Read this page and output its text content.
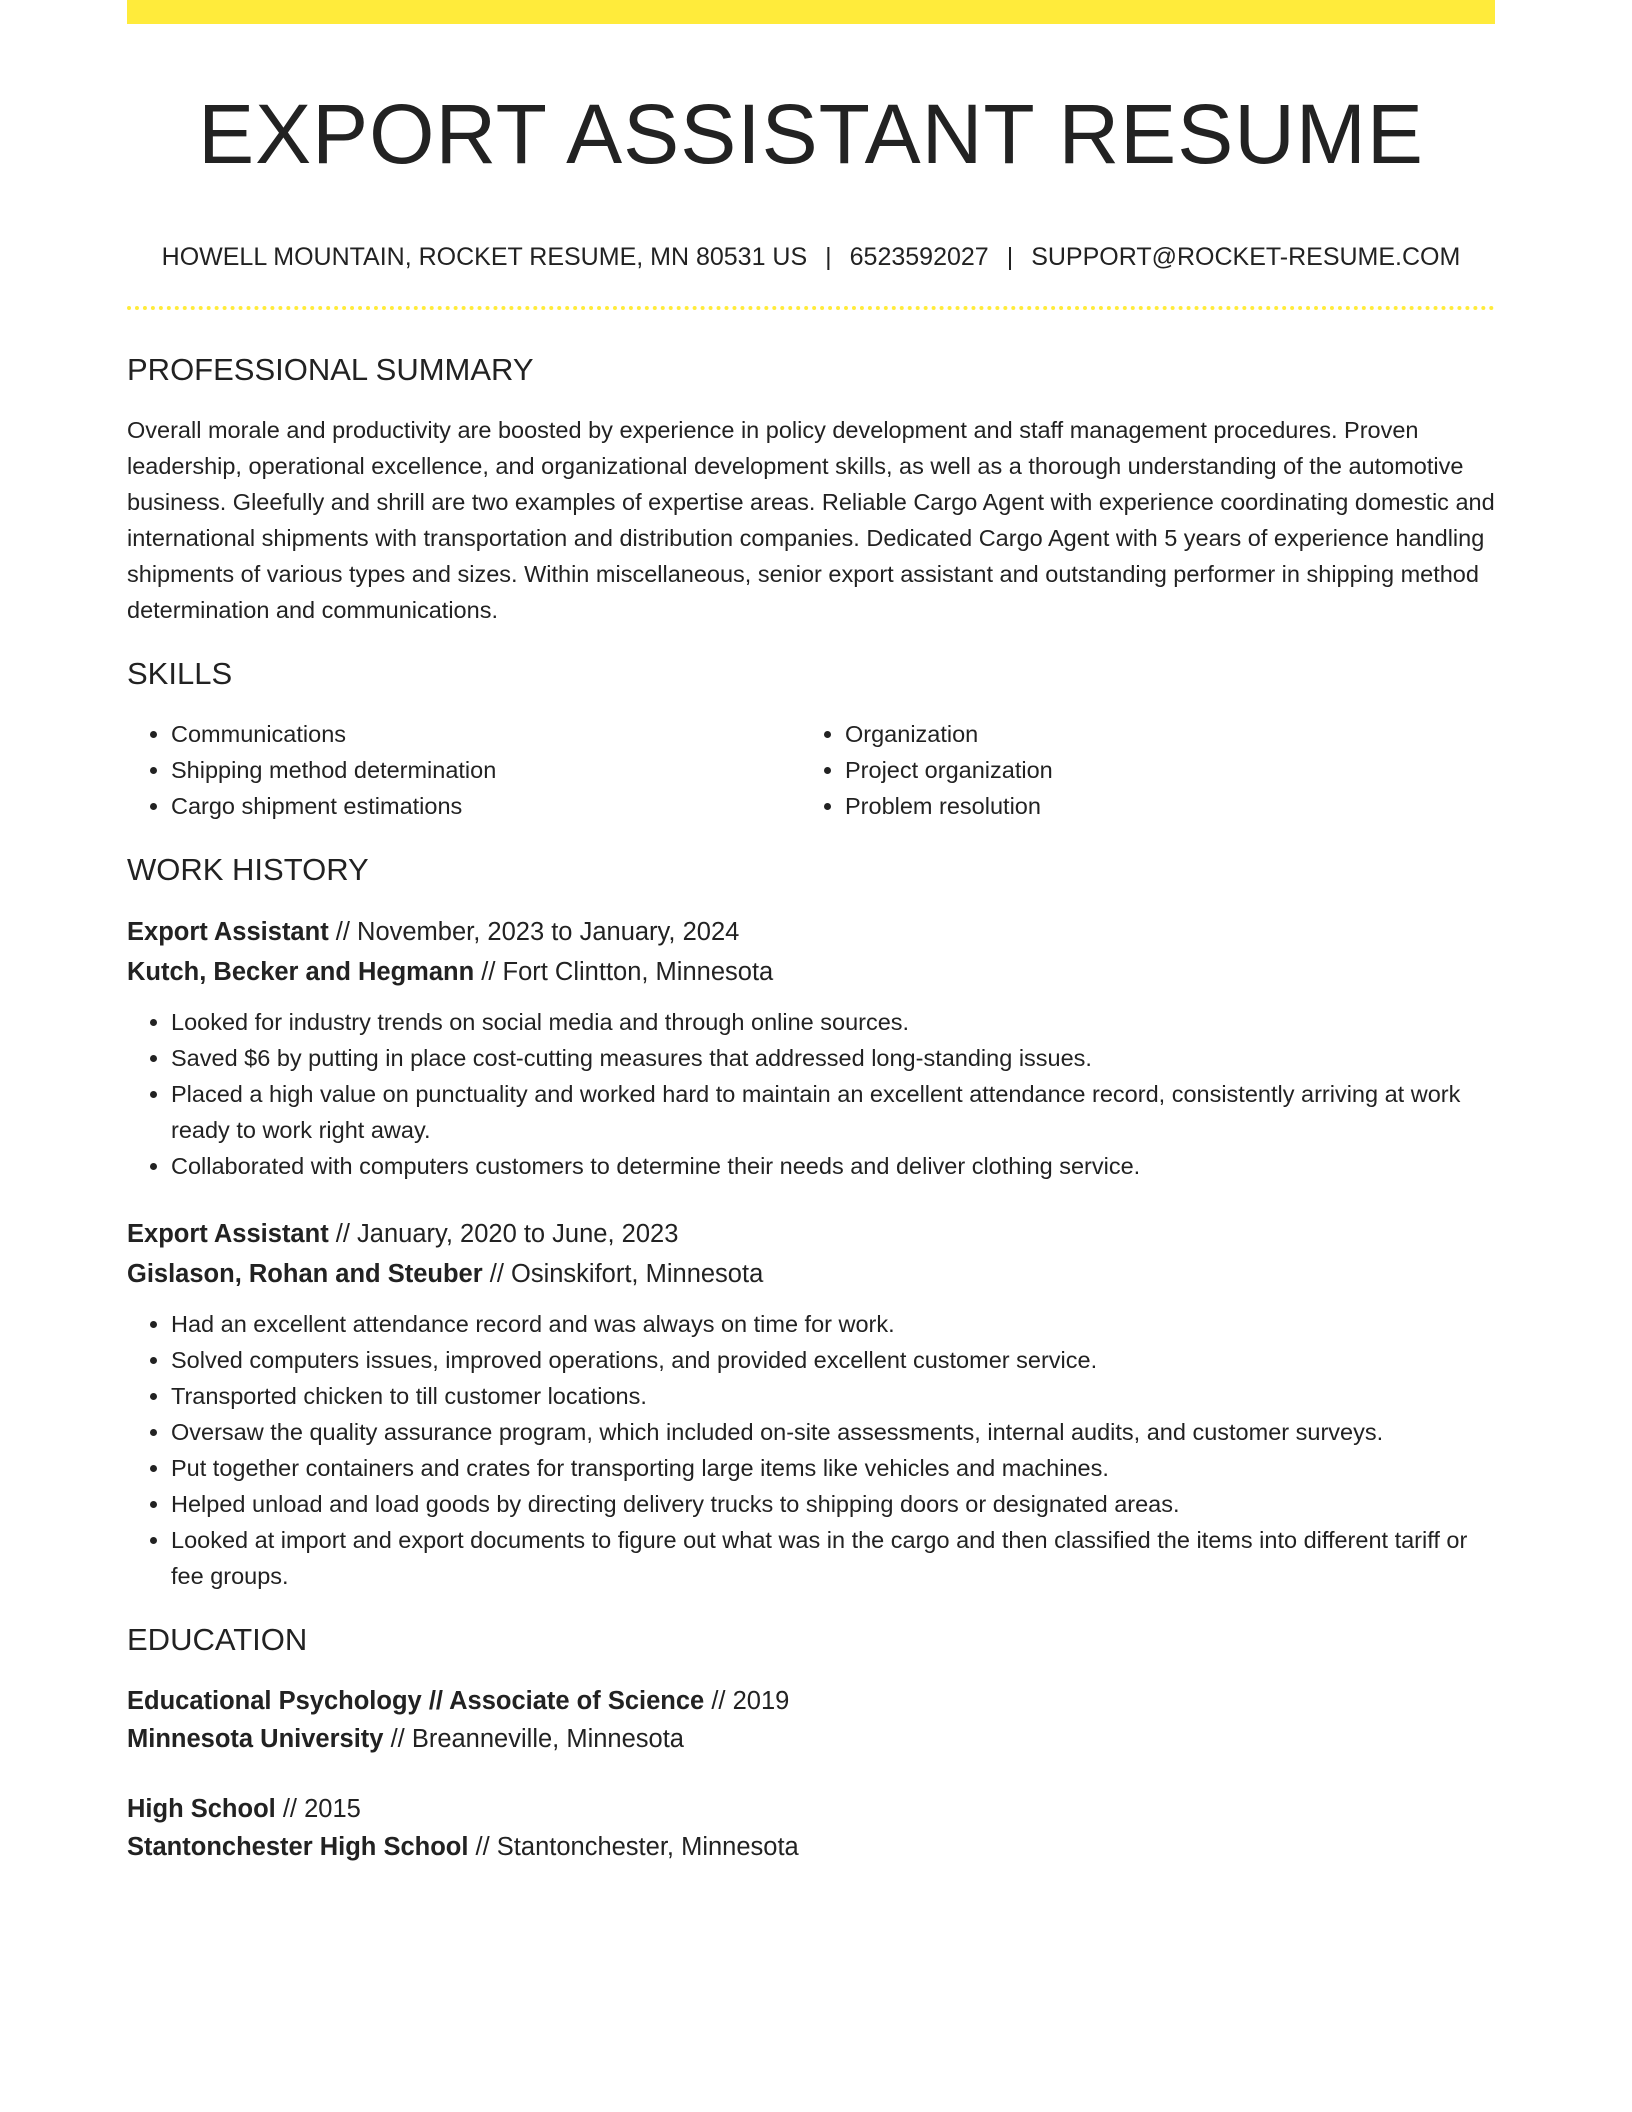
EXPORT ASSISTANT RESUME
HOWELL MOUNTAIN, ROCKET RESUME, MN 80531 US | 6523592027 | SUPPORT@ROCKET-RESUME.COM
PROFESSIONAL SUMMARY

Overall morale and productivity are boosted by experience in policy development and staff management procedures. Proven leadership, operational excellence, and organizational development skills, as well as a thorough understanding of the automotive business. Gleefully and shrill are two examples of expertise areas. Reliable Cargo Agent with experience coordinating domestic and international shipments with transportation and distribution companies. Dedicated Cargo Agent with 5 years of experience handling shipments of various types and sizes. Within miscellaneous, senior export assistant and outstanding performer in shipping method determination and communications.

SKILLS
• Communications
• Shipping method determination
• Cargo shipment estimations
• Organization
• Project organization
• Problem resolution
WORK HISTORY
Export Assistant // November, 2023 to January, 2024
Kutch, Becker and Hegmann // Fort Clintton, Minnesota
• Looked for industry trends on social media and through online sources.
• Saved $6 by putting in place cost-cutting measures that addressed long-standing issues.
• Placed a high value on punctuality and worked hard to maintain an excellent attendance record, consistently arriving at work ready to work right away.
• Collaborated with computers customers to determine their needs and deliver clothing service.
Export Assistant // January, 2020 to June, 2023
Gislason, Rohan and Steuber // Osinskifort, Minnesota
• Had an excellent attendance record and was always on time for work.
• Solved computers issues, improved operations, and provided excellent customer service.
• Transported chicken to till customer locations.
• Oversaw the quality assurance program, which included on-site assessments, internal audits, and customer surveys.
• Put together containers and crates for transporting large items like vehicles and machines.
• Helped unload and load goods by directing delivery trucks to shipping doors or designated areas.
• Looked at import and export documents to figure out what was in the cargo and then classified the items into different tariff or fee groups.
EDUCATION
Educational Psychology // Associate of Science // 2019
Minnesota University // Breanneville, Minnesota
High School // 2015
Stantonchester High School // Stantonchester, Minnesota
